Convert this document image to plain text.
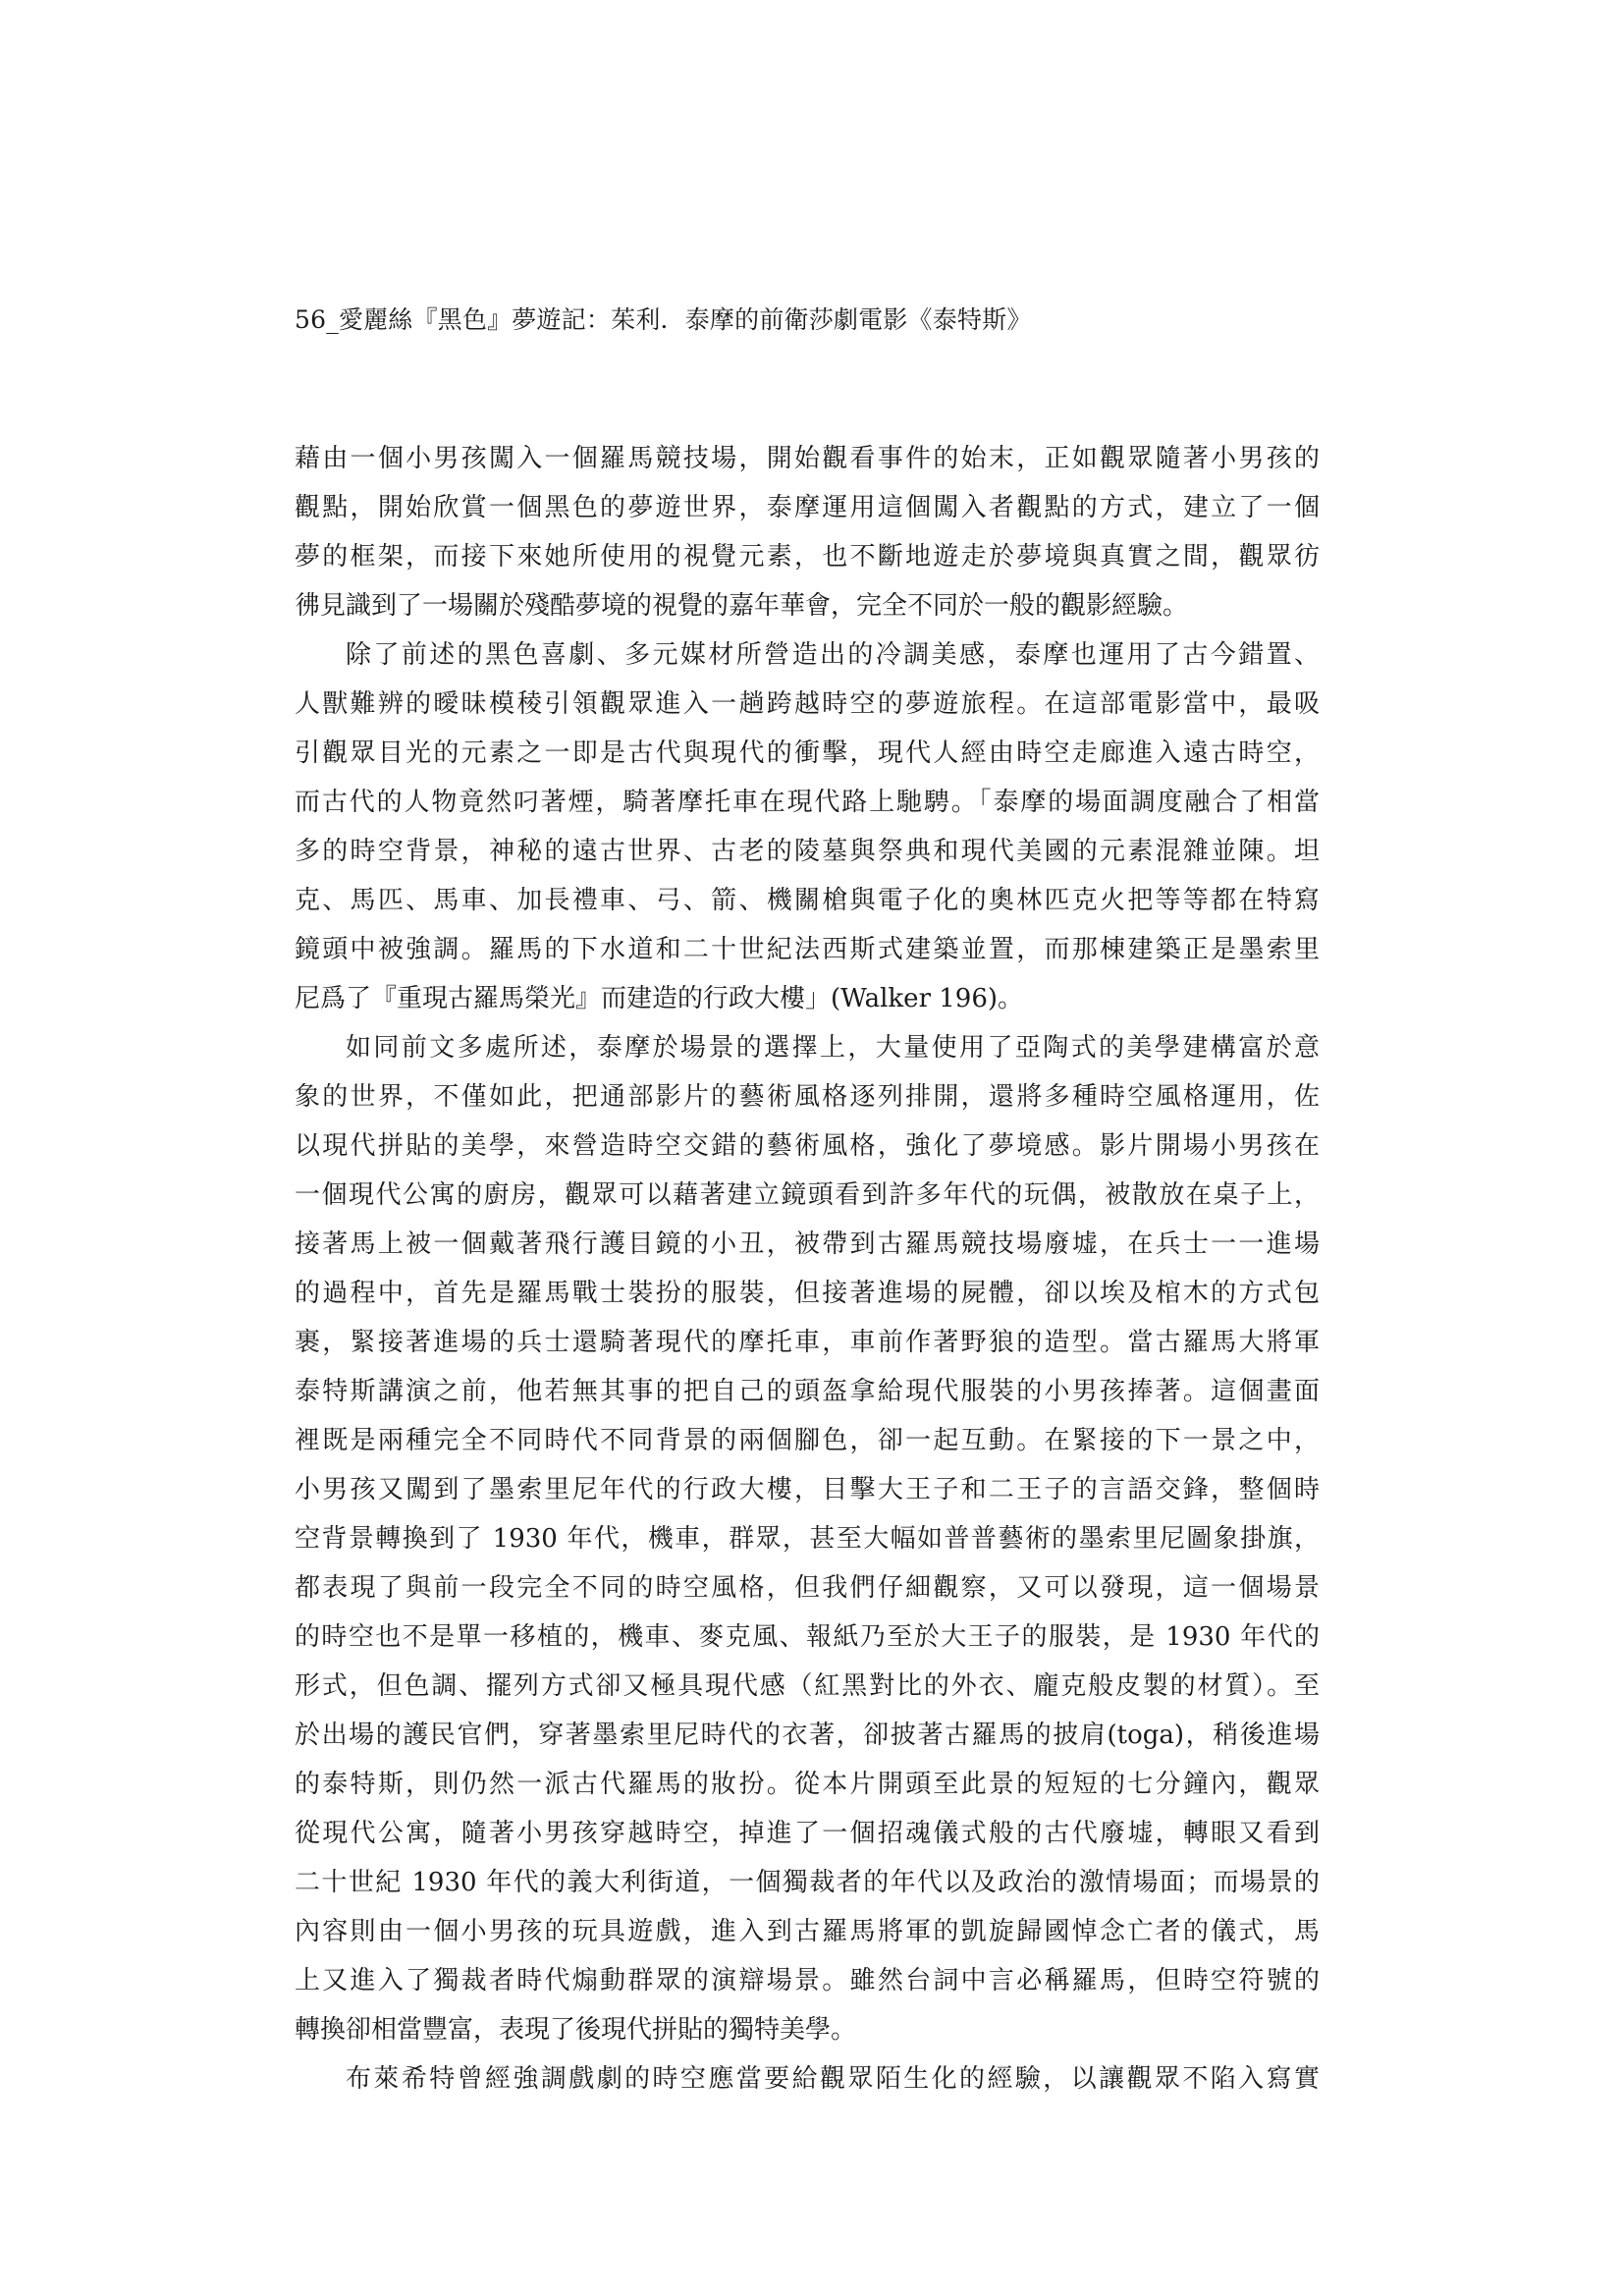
56_愛麗絲『黑色』夢遊記：茱利．泰摩的前衛莎劇電影《泰特斯》
藉由一個小男孩闖入一個羅馬競技場，開始觀看事件的始末，正如觀眾隨著小男孩的
觀點，開始欣賞一個黑色的夢遊世界，泰摩運用這個闖入者觀點的方式，建立了一個
夢的框架，而接下來她所使用的視覺元素，也不斷地遊走於夢境與真實之間，觀眾彷
彿見識到了一場關於殘酷夢境的視覺的嘉年華會，完全不同於一般的觀影經驗。
除了前述的黑色喜劇、多元媒材所營造出的冷調美感，泰摩也運用了古今錯置、
人獸難辨的曖昧模稜引領觀眾進入一趟跨越時空的夢遊旅程。在這部電影當中，最吸
引觀眾目光的元素之一即是古代與現代的衝擊，現代人經由時空走廊進入遠古時空，
而古代的人物竟然叼著煙，騎著摩托車在現代路上馳騁。「泰摩的場面調度融合了相當
多的時空背景，神秘的遠古世界、古老的陵墓與祭典和現代美國的元素混雜並陳。坦
克、馬匹、馬車、加長禮車、弓、箭、機關槍與電子化的奧林匹克火把等等都在特寫
鏡頭中被強調。羅馬的下水道和二十世紀法西斯式建築並置，而那棟建築正是墨索里
尼爲了『重現古羅馬榮光』而建造的行政大樓」(Walker 196)。
如同前文多處所述，泰摩於場景的選擇上，大量使用了亞陶式的美學建構富於意
象的世界，不僅如此，把通部影片的藝術風格逐列排開，還將多種時空風格運用，佐
以現代拼貼的美學，來營造時空交錯的藝術風格，強化了夢境感。影片開場小男孩在
一個現代公寓的廚房，觀眾可以藉著建立鏡頭看到許多年代的玩偶，被散放在桌子上，
接著馬上被一個戴著飛行護目鏡的小丑，被帶到古羅馬競技場廢墟，在兵士一一進場
的過程中，首先是羅馬戰士裝扮的服裝，但接著進場的屍體，卻以埃及棺木的方式包
裹，緊接著進場的兵士還騎著現代的摩托車，車前作著野狼的造型。當古羅馬大將軍
泰特斯講演之前，他若無其事的把自己的頭盔拿給現代服裝的小男孩捧著。這個畫面
裡既是兩種完全不同時代不同背景的兩個腳色，卻一起互動。在緊接的下一景之中，
小男孩又闖到了墨索里尼年代的行政大樓，目擊大王子和二王子的言語交鋒，整個時
空背景轉換到了 1930 年代，機車，群眾，甚至大幅如普普藝術的墨索里尼圖象掛旗，
都表現了與前一段完全不同的時空風格，但我們仔細觀察，又可以發現，這一個場景
的時空也不是單一移植的，機車、麥克風、報紙乃至於大王子的服裝，是 1930 年代的
形式，但色調、擺列方式卻又極具現代感（紅黑對比的外衣、龐克般皮製的材質）。至
於出場的護民官們，穿著墨索里尼時代的衣著，卻披著古羅馬的披肩(toga)，稍後進場
的泰特斯，則仍然一派古代羅馬的妝扮。從本片開頭至此景的短短的七分鐘內，觀眾
從現代公寓，隨著小男孩穿越時空，掉進了一個招魂儀式般的古代廢墟，轉眼又看到
二十世紀 1930 年代的義大利街道，一個獨裁者的年代以及政治的激情場面；而場景的
內容則由一個小男孩的玩具遊戲，進入到古羅馬將軍的凱旋歸國悼念亡者的儀式，馬
上又進入了獨裁者時代煽動群眾的演辯場景。雖然台詞中言必稱羅馬，但時空符號的
轉換卻相當豐富，表現了後現代拼貼的獨特美學。
布萊希特曾經強調戲劇的時空應當要給觀眾陌生化的經驗，以讓觀眾不陷入寫實
